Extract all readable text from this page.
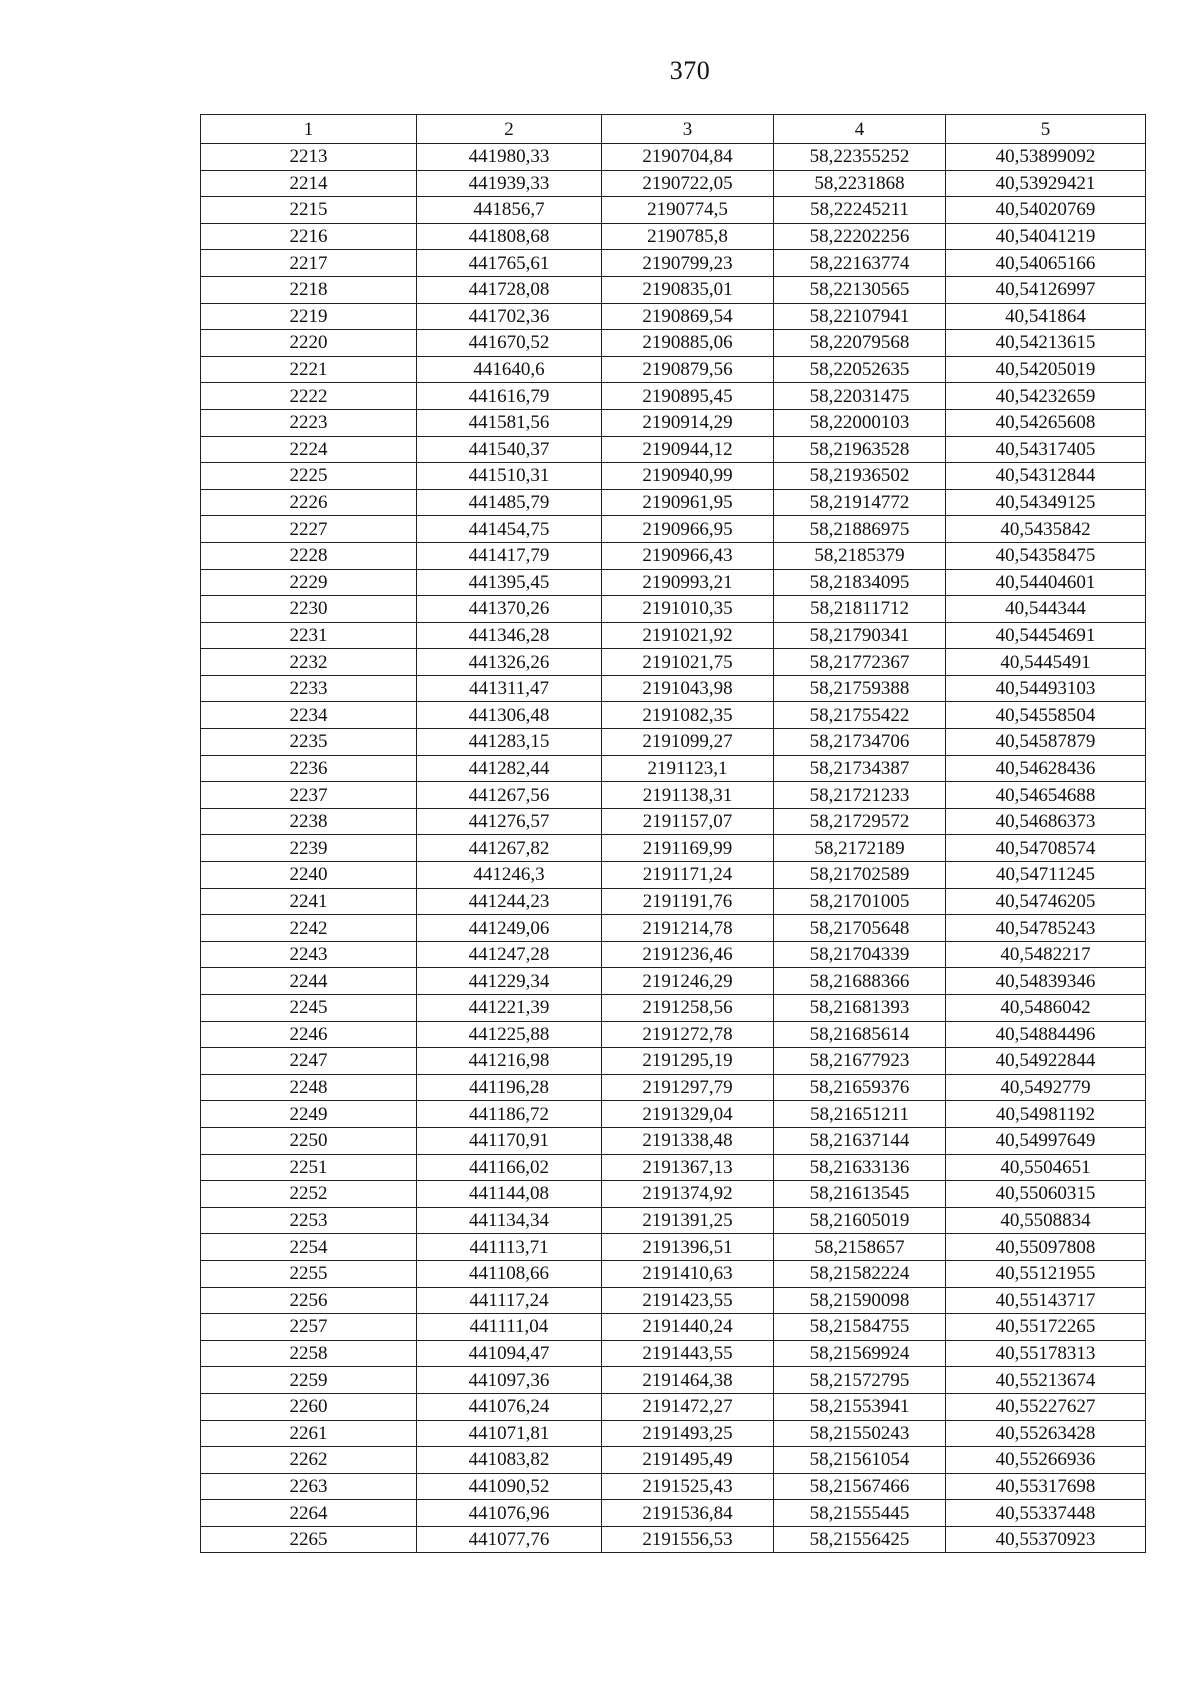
370
1	2	3	4	5
2213	441980,33	2190704,84	58,22355252	40,53899092
2214	441939,33	2190722,05	58,2231868	40,53929421
2215	441856,7	2190774,5	58,22245211	40,54020769
2216	441808,68	2190785,8	58,22202256	40,54041219
2217	441765,61	2190799,23	58,22163774	40,54065166
2218	441728,08	2190835,01	58,22130565	40,54126997
2219	441702,36	2190869,54	58,22107941	40,541864
2220	441670,52	2190885,06	58,22079568	40,54213615
2221	441640,6	2190879,56	58,22052635	40,54205019
2222	441616,79	2190895,45	58,22031475	40,54232659
2223	441581,56	2190914,29	58,22000103	40,54265608
2224	441540,37	2190944,12	58,21963528	40,54317405
2225	441510,31	2190940,99	58,21936502	40,54312844
2226	441485,79	2190961,95	58,21914772	40,54349125
2227	441454,75	2190966,95	58,21886975	40,5435842
2228	441417,79	2190966,43	58,2185379	40,54358475
2229	441395,45	2190993,21	58,21834095	40,54404601
2230	441370,26	2191010,35	58,21811712	40,544344
2231	441346,28	2191021,92	58,21790341	40,54454691
2232	441326,26	2191021,75	58,21772367	40,5445491
2233	441311,47	2191043,98	58,21759388	40,54493103
2234	441306,48	2191082,35	58,21755422	40,54558504
2235	441283,15	2191099,27	58,21734706	40,54587879
2236	441282,44	2191123,1	58,21734387	40,54628436
2237	441267,56	2191138,31	58,21721233	40,54654688
2238	441276,57	2191157,07	58,21729572	40,54686373
2239	441267,82	2191169,99	58,2172189	40,54708574
2240	441246,3	2191171,24	58,21702589	40,54711245
2241	441244,23	2191191,76	58,21701005	40,54746205
2242	441249,06	2191214,78	58,21705648	40,54785243
2243	441247,28	2191236,46	58,21704339	40,5482217
2244	441229,34	2191246,29	58,21688366	40,54839346
2245	441221,39	2191258,56	58,21681393	40,5486042
2246	441225,88	2191272,78	58,21685614	40,54884496
2247	441216,98	2191295,19	58,21677923	40,54922844
2248	441196,28	2191297,79	58,21659376	40,5492779
2249	441186,72	2191329,04	58,21651211	40,54981192
2250	441170,91	2191338,48	58,21637144	40,54997649
2251	441166,02	2191367,13	58,21633136	40,5504651
2252	441144,08	2191374,92	58,21613545	40,55060315
2253	441134,34	2191391,25	58,21605019	40,5508834
2254	441113,71	2191396,51	58,2158657	40,55097808
2255	441108,66	2191410,63	58,21582224	40,55121955
2256	441117,24	2191423,55	58,21590098	40,55143717
2257	441111,04	2191440,24	58,21584755	40,55172265
2258	441094,47	2191443,55	58,21569924	40,55178313
2259	441097,36	2191464,38	58,21572795	40,55213674
2260	441076,24	2191472,27	58,21553941	40,55227627
2261	441071,81	2191493,25	58,21550243	40,55263428
2262	441083,82	2191495,49	58,21561054	40,55266936
2263	441090,52	2191525,43	58,21567466	40,55317698
2264	441076,96	2191536,84	58,21555445	40,55337448
2265	441077,76	2191556,53	58,21556425	40,55370923
